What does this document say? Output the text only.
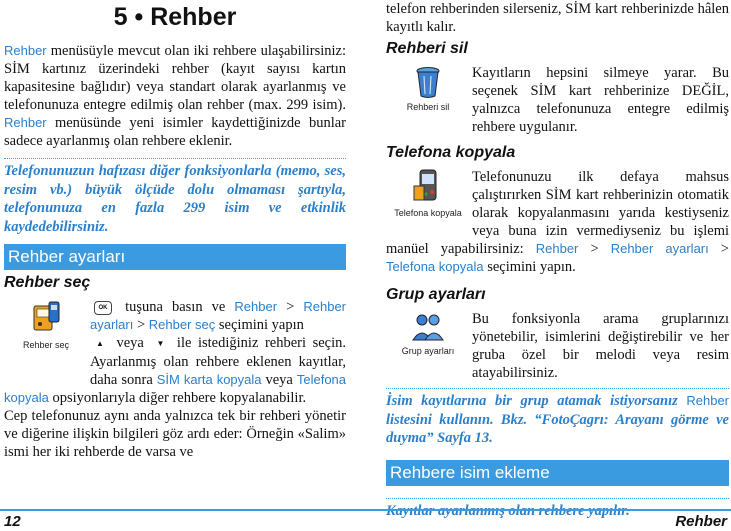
5 • Rehber

Rehber menüsüyle mevcut olan iki rehbere ulaşabilirsiniz: SİM kartınız üzerindeki rehber (kayıt sayısı kartın kapasitesine bağlıdır) veya standart olarak ayarlanmış ve telefonunuza entegre edilmiş olan rehber (max. 299 isim). Rehber menüsünde yeni isimler kaydettiğinizde bunlar sadece ayarlanmış olan rehbere eklenir.

Telefonunuzun hafızası diğer fonksiyonlarla (memo, ses, resim vb.) büyük ölçüde dolu olmaması şartıyla, telefonunuza en fazla 299 isim ve etkinlik kaydedebilirsiniz.
Rehber ayarları
Rehber seç
Rehber seç

OK tuşuna basın ve Rehber > Rehber ayarları > Rehber seç seçimini yapın
▲ veya ▼ ile istediğiniz rehberi seçin. Ayarlanmış olan rehbere eklenen kayıtlar, daha sonra SİM karta kopyala veya Telefona kopyala opsiyonlarıyla diğer rehbere kopyalanabilir.

Cep telefonunuz aynı anda yalnızca tek bir rehberi yönetir ve diğerine ilişkin bilgileri göz ardı eder: Örneğin «Salim» ismi her iki rehberde de varsa ve

telefon rehberinden silerseniz, SİM kart rehberinizde hâlen kayıtlı kalır.

Rehberi sil
Rehberi sil

Kayıtların hepsini silmeye yarar. Bu seçenek SİM kart rehberinize DEĞİL, yalnızca telefonunuza entegre edilmiş rehbere uygulanır.

Telefona kopyala
Telefona kopyala

Telefonunuzu ilk defaya mahsus çalıştırırken SİM kart rehberinizin otomatik olarak kopyalanmasını yarıda kestiyseniz veya buna izin vermediyseniz bu işlemi manüel yapabilirsiniz: Rehber > Rehber ayarları > Telefona kopyala seçimini yapın.

Grup ayarları
Grup ayarları

Bu fonksiyonla arama gruplarınızı yönetebilir, isimlerini değiştirebilir ve her gruba özel bir melodi veya resim atayabilirsiniz.

İsim kayıtlarına bir grup atamak istiyorsanız Rehber listesini kullanın. Bkz. “FotoÇagrı: Arayanı görme ve duyma” Sayfa 13.
Rehbere isim ekleme
Kayıtlar ayarlanmış olan rehbere yapılır.
12	Rehber
